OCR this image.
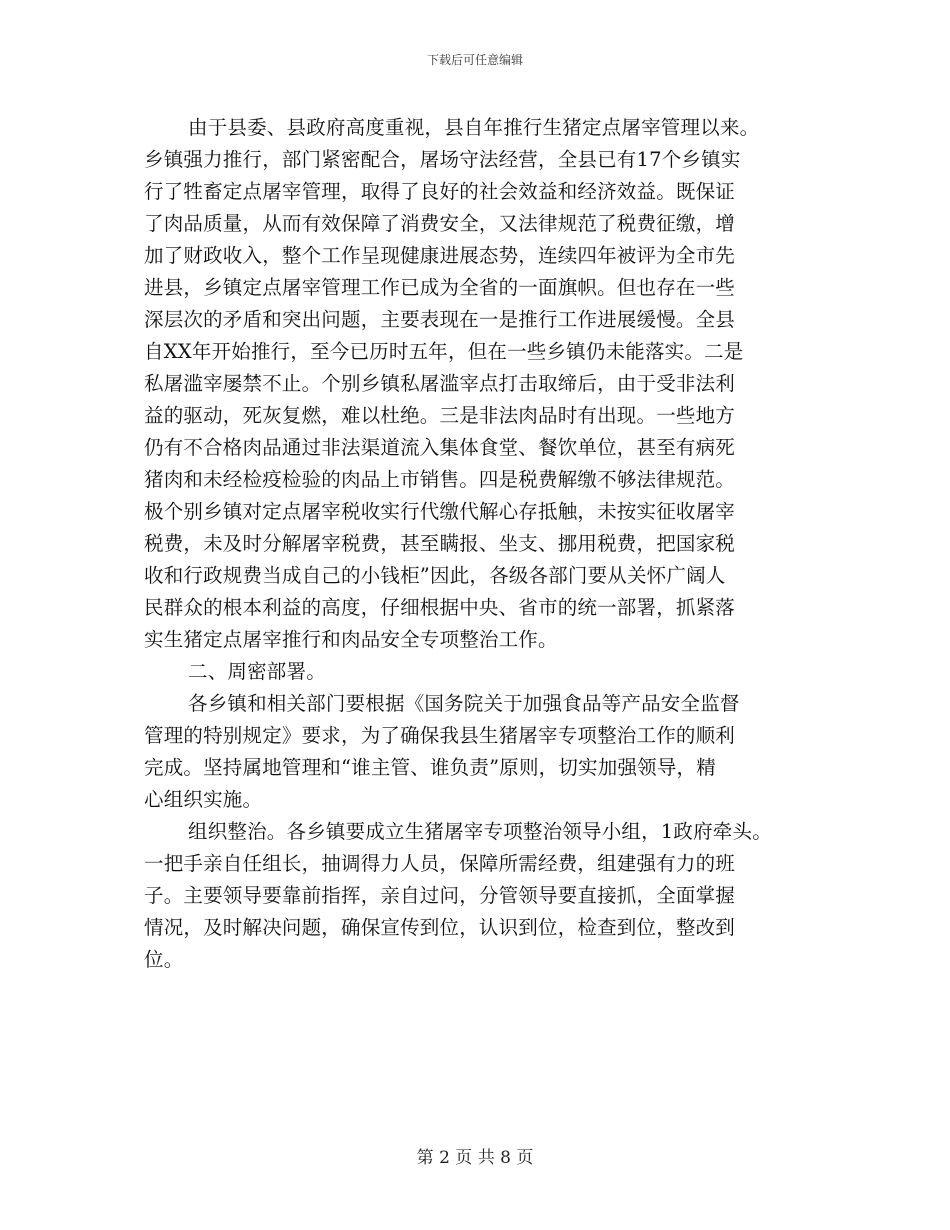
下载后可任意编辑
由于县委、县政府高度重视，县自年推行生猪定点屠宰管理以来。
乡镇强力推行，部门紧密配合，屠场守法经营，全县已有17个乡镇实
行了牲畜定点屠宰管理，取得了良好的社会效益和经济效益。既保证
了肉品质量，从而有效保障了消费安全，又法律规范了税费征缴，增
加了财政收入，整个工作呈现健康进展态势，连续四年被评为全市先
进县，乡镇定点屠宰管理工作已成为全省的一面旗帜。但也存在一些
深层次的矛盾和突出问题，主要表现在一是推行工作进展缓慢。全县
自XX年开始推行，至今已历时五年，但在一些乡镇仍未能落实。二是
私屠滥宰屡禁不止。个别乡镇私屠滥宰点打击取缔后，由于受非法利
益的驱动，死灰复燃，难以杜绝。三是非法肉品时有出现。一些地方
仍有不合格肉品通过非法渠道流入集体食堂、餐饮单位，甚至有病死
猪肉和未经检疫检验的肉品上市销售。四是税费解缴不够法律规范。
极个别乡镇对定点屠宰税收实行代缴代解心存抵触，未按实征收屠宰
税费，未及时分解屠宰税费，甚至瞒报、坐支、挪用税费，把国家税
收和行政规费当成自己的小钱柜”因此，各级各部门要从关怀广阔人
民群众的根本利益的高度，仔细根据中央、省市的统一部署，抓紧落
实生猪定点屠宰推行和肉品安全专项整治工作。
二、周密部署。
各乡镇和相关部门要根据《国务院关于加强食品等产品安全监督
管理的特别规定》要求，为了确保我县生猪屠宰专项整治工作的顺利
完成。坚持属地管理和“谁主管、谁负责”原则，切实加强领导，精
心组织实施。
组织整治。各乡镇要成立生猪屠宰专项整治领导小组，1政府牵头。
一把手亲自任组长，抽调得力人员，保障所需经费，组建强有力的班
子。主要领导要靠前指挥，亲自过问，分管领导要直接抓，全面掌握
情况，及时解决问题，确保宣传到位，认识到位，检查到位，整改到
位。
第 2 页 共 8 页
